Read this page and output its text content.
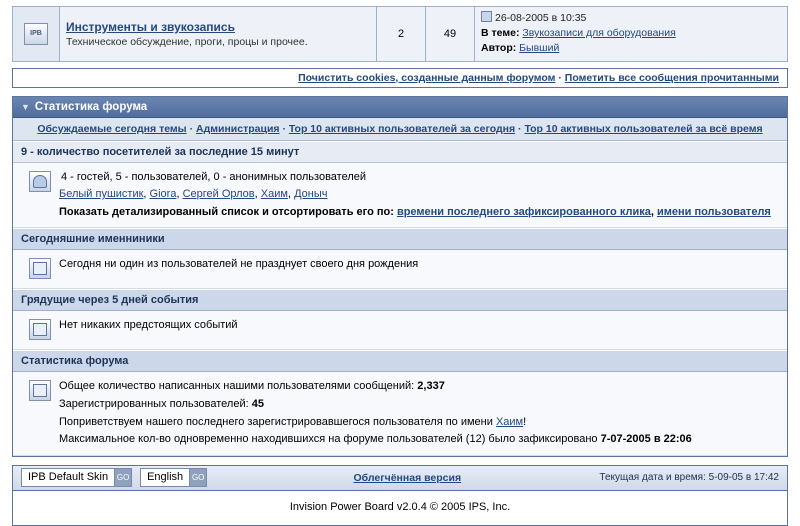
IPB	Инструменты и звукозапись
Техническое обсуждение, проги, процы и прочее.
	2	49	
26-08-2005 в 10:35
В теме: Звукозаписи для оборудования
Автор: Бывший
Почистить cookies, созданные данным форумом · Пометить все сообщения прочитанными
▼ Статистика форума
Обсуждаемые сегодня темы · Администрация · Top 10 активных пользователей за сегодня · Top 10 активных пользователей за всё время
9 - количество посетителей за последние 15 минут
4 - гостей, 5 - пользователей, 0 - анонимных пользователей
Белый пушистик, Giora, Сергей Орлов, Хаим, Доныч
Показать детализированный список и отсортировать его по: времени последнего зафиксированного клика, имени пользователя
Сегодняшние именниники
Сегодня ни один из пользователей не празднует своего дня рождения
Грядущие через 5 дней события
Нет никаких предстоящих событий
Статистика форума
Общее количество написанных нашими пользователями сообщений: 2,337
Зарегистрированных пользователей: 45
Поприветствуем нашего последнего зарегистрировавшегося пользователя по имени Хаим!
Максимальное кол-во одновременно находившихся на форуме пользователей (12) было зафиксировано 7-07-2005 в 22:06
IPB Default Skin	GO	English	GO	Облегчённая версия	Текущая дата и время: 5-09-05 в 17:42
Invision Power Board v2.0.4 © 2005 IPS, Inc.
